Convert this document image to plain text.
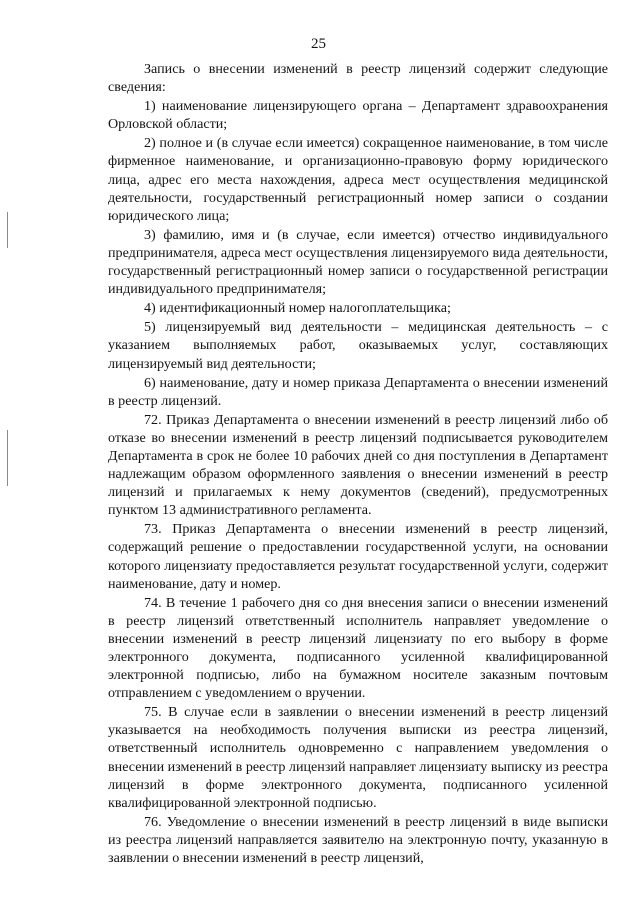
25

Запись о внесении изменений в реестр лицензий содержит следующие сведения:

1) наименование лицензирующего органа – Департамент здравоохранения Орловской области;

2) полное и (в случае если имеется) сокращенное наименование, в том числе фирменное наименование, и организационно-правовую форму юридического лица, адрес его места нахождения, адреса мест осуществления медицинской деятельности, государственный регистрационный номер записи о создании юридического лица;

3) фамилию, имя и (в случае, если имеется) отчество индивидуального предпринимателя, адреса мест осуществления лицензируемого вида деятельности, государственный регистрационный номер записи о государственной регистрации индивидуального предпринимателя;

4) идентификационный номер налогоплательщика;

5) лицензируемый вид деятельности – медицинская деятельность – с указанием выполняемых работ, оказываемых услуг, составляющих лицензируемый вид деятельности;

6) наименование, дату и номер приказа Департамента о внесении изменений в реестр лицензий.

72. Приказ Департамента о внесении изменений в реестр лицензий либо об отказе во внесении изменений в реестр лицензий подписывается руководителем Департамента в срок не более 10 рабочих дней со дня поступления в Департамент надлежащим образом оформленного заявления о внесении изменений в реестр лицензий и прилагаемых к нему документов (сведений), предусмотренных пунктом 13 административного регламента.

73. Приказ Департамента о внесении изменений в реестр лицензий, содержащий решение о предоставлении государственной услуги, на основании которого лицензиату предоставляется результат государственной услуги, содержит наименование, дату и номер.

74. В течение 1 рабочего дня со дня внесения записи о внесении изменений в реестр лицензий ответственный исполнитель направляет уведомление о внесении изменений в реестр лицензий лицензиату по его выбору в форме электронного документа, подписанного усиленной квалифицированной электронной подписью, либо на бумажном носителе заказным почтовым отправлением с уведомлением о вручении.

75. В случае если в заявлении о внесении изменений в реестр лицензий указывается на необходимость получения выписки из реестра лицензий, ответственный исполнитель одновременно с направлением уведомления о внесении изменений в реестр лицензий направляет лицензиату выписку из реестра лицензий в форме электронного документа, подписанного усиленной квалифицированной электронной подписью.

76. Уведомление о внесении изменений в реестр лицензий в виде выписки из реестра лицензий направляется заявителю на электронную почту, указанную в заявлении о внесении изменений в реестр лицензий,
